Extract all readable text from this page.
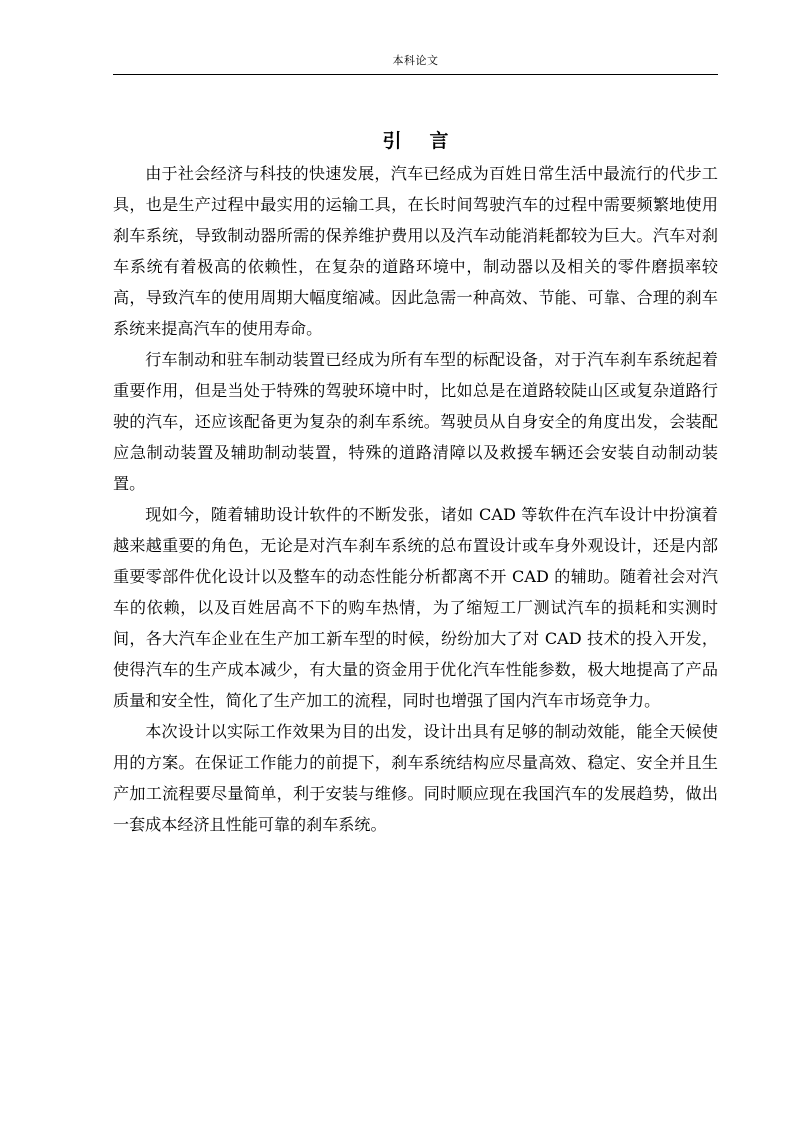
本科论文
引言

由于社会经济与科技的快速发展，汽车已经成为百姓日常生活中最流行的代步工具，也是生产过程中最实用的运输工具，在长时间驾驶汽车的过程中需要频繁地使用刹车系统，导致制动器所需的保养维护费用以及汽车动能消耗都较为巨大。汽车对刹车系统有着极高的依赖性，在复杂的道路环境中，制动器以及相关的零件磨损率较高，导致汽车的使用周期大幅度缩减。因此急需一种高效、节能、可靠、合理的刹车系统来提高汽车的使用寿命。

行车制动和驻车制动装置已经成为所有车型的标配设备，对于汽车刹车系统起着重要作用，但是当处于特殊的驾驶环境中时，比如总是在道路较陡山区或复杂道路行驶的汽车，还应该配备更为复杂的刹车系统。驾驶员从自身安全的角度出发，会装配应急制动装置及辅助制动装置，特殊的道路清障以及救援车辆还会安装自动制动装置。

现如今，随着辅助设计软件的不断发张，诸如 CAD 等软件在汽车设计中扮演着越来越重要的角色，无论是对汽车刹车系统的总布置设计或车身外观设计，还是内部重要零部件优化设计以及整车的动态性能分析都离不开 CAD 的辅助。随着社会对汽车的依赖，以及百姓居高不下的购车热情，为了缩短工厂测试汽车的损耗和实测时间，各大汽车企业在生产加工新车型的时候，纷纷加大了对 CAD 技术的投入开发，使得汽车的生产成本减少，有大量的资金用于优化汽车性能参数，极大地提高了产品质量和安全性，简化了生产加工的流程，同时也增强了国内汽车市场竞争力。

本次设计以实际工作效果为目的出发，设计出具有足够的制动效能，能全天候使用的方案。在保证工作能力的前提下，刹车系统结构应尽量高效、稳定、安全并且生产加工流程要尽量简单，利于安装与维修。同时顺应现在我国汽车的发展趋势，做出一套成本经济且性能可靠的刹车系统。
